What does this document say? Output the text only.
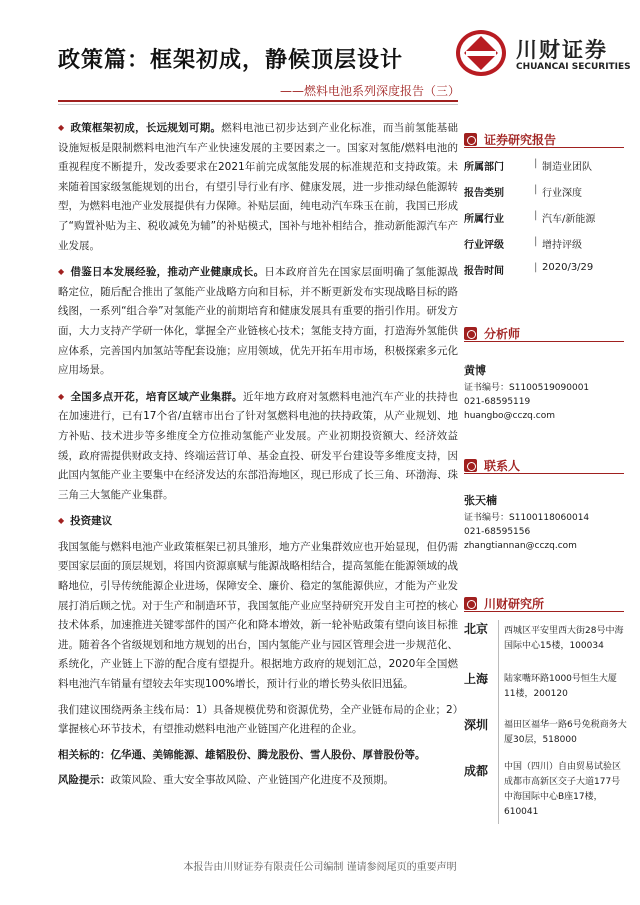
政策篇：框架初成，静候顶层设计
——燃料电池系列深度报告（三）
川财证券
CHUANCAI SECURITIES

◆ 政策框架初成，长远规划可期。燃料电池已初步达到产业化标准，而当前氢能基础设施短板是限制燃料电池汽车产业快速发展的主要因素之一。国家对氢能/燃料电池的重视程度不断提升，发改委要求在2021年前完成氢能发展的标准规范和支持政策。未来随着国家级氢能规划的出台，有望引导行业有序、健康发展，进一步推动绿色能源转型，为燃料电池产业发展提供有力保障。补贴层面，纯电动汽车珠玉在前，我国已形成了“购置补贴为主、税收减免为辅”的补贴模式，国补与地补相结合，推动新能源汽车产业发展。

◆ 借鉴日本发展经验，推动产业健康成长。日本政府首先在国家层面明确了氢能源战略定位，随后配合推出了氢能产业战略方向和目标，并不断更新发布实现战略目标的路线图，一系列“组合拳”对氢能产业的前期培育和健康发展具有重要的指引作用。研发方面，大力支持产学研一体化，掌握全产业链核心技术；氢能支持方面，打造海外氢能供应体系，完善国内加氢站等配套设施；应用领域，优先开拓车用市场，积极探索多元化应用场景。

◆ 全国多点开花，培育区域产业集群。近年地方政府对氢燃料电池汽车产业的扶持也在加速进行，已有17个省/直辖市出台了针对氢燃料电池的扶持政策，从产业规划、地方补贴、技术进步等多维度全方位推动氢能产业发展。产业初期投资额大、经济效益缓，政府需提供财政支持、终端运营订单、基金直投、研发平台建设等多维度支持，因此国内氢能产业主要集中在经济发达的东部沿海地区，现已形成了长三角、环渤海、珠三角三大氢能产业集群。

◆ 投资建议

我国氢能与燃料电池产业政策框架已初具雏形，地方产业集群效应也开始显现，但仍需要国家层面的顶层规划，将国内资源禀赋与能源战略相结合，提高氢能在能源领域的战略地位，引导传统能源企业进场，保障安全、廉价、稳定的氢能源供应，才能为产业发展打消后顾之忧。对于生产和制造环节，我国氢能产业应坚持研究开发自主可控的核心技术体系，加速推进关键零部件的国产化和降本增效，新一轮补贴政策有望向该目标推进。随着各个省级规划和地方规划的出台，国内氢能产业与园区管理会进一步规范化、系统化，产业链上下游的配合度有望提升。根据地方政府的规划汇总，2020年全国燃料电池汽车销量有望较去年实现100%增长，预计行业的增长势头依旧迅猛。

我们建议围绕两条主线布局：1）具备规模优势和资源优势，全产业链布局的企业；2）掌握核心环节技术，有望推动燃料电池产业链国产化进程的企业。

相关标的：亿华通、美锦能源、雄韬股份、腾龙股份、雪人股份、厚普股份等。

风险提示：政策风险、重大安全事故风险、产业链国产化进度不及预期。

证券研究报告
所属部门	| 制造业团队
报告类别	| 行业深度
所属行业	| 汽车/新能源
行业评级	| 增持评级
报告时间	| 2020/3/29
分析师
黄博
证书编号：S1100519090001
021-68595119
huangbo@cczq.com
联系人
张天楠
证书编号：S1100118060014
021-68595156
zhangtiannan@cczq.com
川财研究所
北京 西城区平安里西大街28号中海国际中心15楼，100034
上海 陆家嘴环路1000号恒生大厦11楼，200120
深圳 福田区福华一路6号免税商务大厦30层，518000
成都 中国（四川）自由贸易试验区成都市高新区交子大道177号中海国际中心B座17楼，610041
本报告由川财证券有限责任公司编制 谨请参阅尾页的重要声明
